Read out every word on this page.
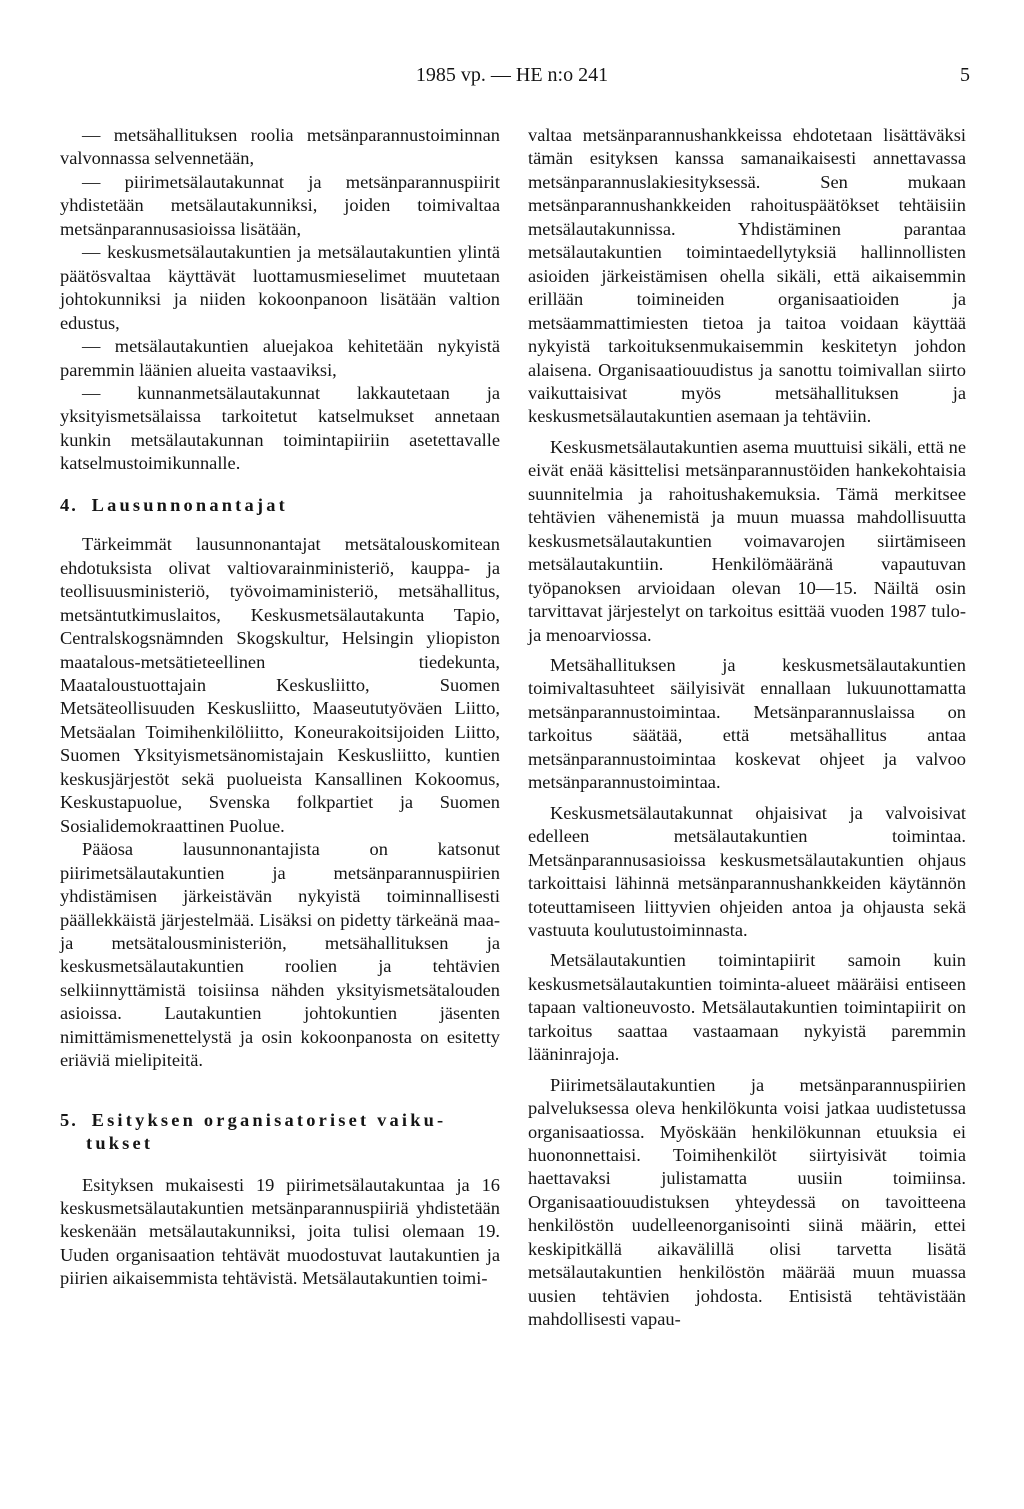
1985 vp. — HE n:o 241	5

— metsähallituksen roolia metsänparannustoiminnan valvonnassa selvennetään,

— piirimetsälautakunnat ja metsänparannuspiirit yhdistetään metsälautakunniksi, joiden toimivaltaa metsänparannusasioissa lisätään,

— keskusmetsälautakuntien ja metsälautakuntien ylintä päätösvaltaa käyttävät luottamusmieselimet muutetaan johtokunniksi ja niiden kokoonpanoon lisätään valtion edustus,

— metsälautakuntien aluejakoa kehitetään nykyistä paremmin läänien alueita vastaaviksi,

— kunnanmetsälautakunnat lakkautetaan ja yksityismetsälaissa tarkoitetut katselmukset annetaan kunkin metsälautakunnan toimintapiiriin asetettavalle katselmustoimikunnalle.

4. Lausunnonantajat

Tärkeimmät lausunnonantajat metsätalouskomitean ehdotuksista olivat valtiovarainministeriö, kauppa- ja teollisuusministeriö, työvoimaministeriö, metsähallitus, metsäntutkimuslaitos, Keskusmetsälautakunta Tapio, Centralskogsnämnden Skogskultur, Helsingin yliopiston maatalous-metsätieteellinen tiedekunta, Maataloustuottajain Keskusliitto, Suomen Metsäteollisuuden Keskusliitto, Maaseututyöväen Liitto, Metsäalan Toimihenkilöliitto, Koneurakoitsijoiden Liitto, Suomen Yksityismetsänomistajain Keskusliitto, kuntien keskusjärjestöt sekä puolueista Kansallinen Kokoomus, Keskustapuolue, Svenska folkpartiet ja Suomen Sosialidemokraattinen Puolue.

Pääosa lausunnonantajista on katsonut piirimetsälautakuntien ja metsänparannuspiirien yhdistämisen järkeistävän nykyistä toiminnallisesti päällekkäistä järjestelmää. Lisäksi on pidetty tärkeänä maa- ja metsätalousministeriön, metsähallituksen ja keskusmetsälautakuntien roolien ja tehtävien selkiinnyttämistä toisiinsa nähden yksityismetsätalouden asioissa. Lautakuntien johtokuntien jäsenten nimittämismenettelystä ja osin kokoonpanosta on esitetty eriäviä mielipiteitä.

5. Esityksen organisatoriset vaiku-
tukset

Esityksen mukaisesti 19 piirimetsälautakuntaa ja 16 keskusmetsälautakuntien metsänparannuspiiriä yhdistetään keskenään metsälautakunniksi, joita tulisi olemaan 19. Uuden organisaation tehtävät muodostuvat lautakuntien ja piirien aikaisemmista tehtävistä. Metsälautakuntien toimi-

valtaa metsänparannushankkeissa ehdotetaan lisättäväksi tämän esityksen kanssa samanaikaisesti annettavassa metsänparannuslakiesityksessä. Sen mukaan metsänparannushankkeiden rahoituspäätökset tehtäisiin metsälautakunnissa. Yhdistäminen parantaa metsälautakuntien toimintaedellytyksiä hallinnollisten asioiden järkeistämisen ohella sikäli, että aikaisemmin erillään toimineiden organisaatioiden ja metsäammattimiesten tietoa ja taitoa voidaan käyttää nykyistä tarkoituksenmukaisemmin keskitetyn johdon alaisena. Organisaatiouudistus ja sanottu toimivallan siirto vaikuttaisivat myös metsähallituksen ja keskusmetsälautakuntien asemaan ja tehtäviin.

Keskusmetsälautakuntien asema muuttuisi sikäli, että ne eivät enää käsittelisi metsänparannustöiden hankekohtaisia suunnitelmia ja rahoitushakemuksia. Tämä merkitsee tehtävien vähenemistä ja muun muassa mahdollisuutta keskusmetsälautakuntien voimavarojen siirtämiseen metsälautakuntiin. Henkilömääränä vapautuvan työpanoksen arvioidaan olevan 10—15. Näiltä osin tarvittavat järjestelyt on tarkoitus esittää vuoden 1987 tulo- ja menoarviossa.

Metsähallituksen ja keskusmetsälautakuntien toimivaltasuhteet säilyisivät ennallaan lukuunottamatta metsänparannustoimintaa. Metsänparannuslaissa on tarkoitus säätää, että metsähallitus antaa metsänparannustoimintaa koskevat ohjeet ja valvoo metsänparannustoimintaa.

Keskusmetsälautakunnat ohjaisivat ja valvoisivat edelleen metsälautakuntien toimintaa. Metsänparannusasioissa keskusmetsälautakuntien ohjaus tarkoittaisi lähinnä metsänparannushankkeiden käytännön toteuttamiseen liittyvien ohjeiden antoa ja ohjausta sekä vastuuta koulutustoiminnasta.

Metsälautakuntien toimintapiirit samoin kuin keskusmetsälautakuntien toiminta-alueet määräisi entiseen tapaan valtioneuvosto. Metsälautakuntien toimintapiirit on tarkoitus saattaa vastaamaan nykyistä paremmin lääninrajoja.

Piirimetsälautakuntien ja metsänparannuspiirien palveluksessa oleva henkilökunta voisi jatkaa uudistetussa organisaatiossa. Myöskään henkilökunnan etuuksia ei huononnettaisi. Toimihenkilöt siirtyisivät toimia haettavaksi julistamatta uusiin toimiinsa. Organisaatiouudistuksen yhteydessä on tavoitteena henkilöstön uudelleenorganisointi siinä määrin, ettei keskipitkällä aikavälillä olisi tarvetta lisätä metsälautakuntien henkilöstön määrää muun muassa uusien tehtävien johdosta. Entisistä tehtävistään mahdollisesti vapau-
